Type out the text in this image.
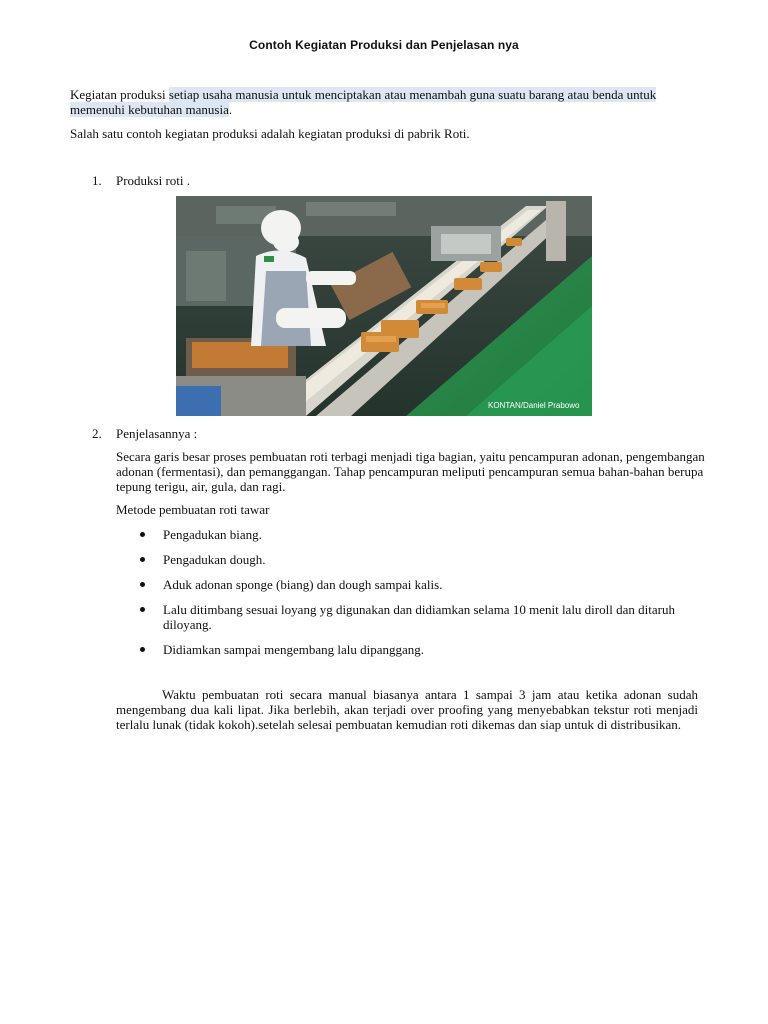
Contoh Kegiatan Produksi dan Penjelasan nya
Kegiatan produksi setiap usaha manusia untuk menciptakan atau menambah guna suatu barang atau benda untuk memenuhi kebutuhan manusia.
Salah satu contoh kegiatan produksi adalah kegiatan produksi di pabrik Roti.
1. Produksi roti .
KONTAN/Daniel Prabowo
2. Penjelasannya :
Secara garis besar proses pembuatan roti terbagi menjadi tiga bagian, yaitu pencampuran adonan, pengembangan adonan (fermentasi), dan pemanggangan. Tahap pencampuran meliputi pencampuran semua bahan-bahan berupa tepung terigu, air, gula, dan ragi.
Metode pembuatan roti tawar
Pengadukan biang.
Pengadukan dough.
Aduk adonan sponge (biang) dan dough sampai kalis.
Lalu ditimbang sesuai loyang yg digunakan dan didiamkan selama 10 menit lalu diroll dan ditaruh diloyang.
Didiamkan sampai mengembang lalu dipanggang.
Waktu pembuatan roti secara manual biasanya antara 1 sampai 3 jam atau ketika adonan sudah mengembang dua kali lipat. Jika berlebih, akan terjadi over proofing yang menyebabkan tekstur roti menjadi terlalu lunak (tidak kokoh).setelah selesai pembuatan kemudian roti dikemas dan siap untuk di distribusikan.
